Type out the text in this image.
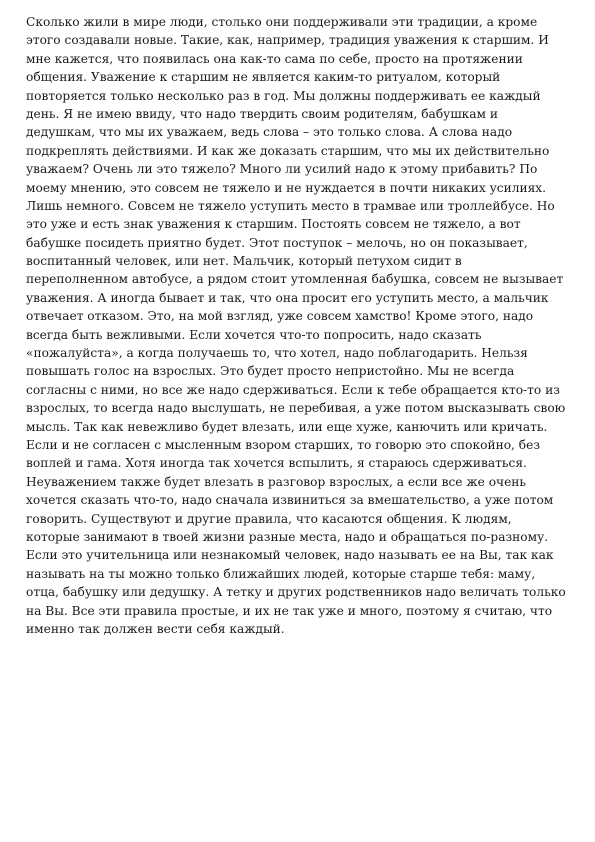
Сколько жили в мире люди, столько они поддерживали эти традиции, а кроме
этого создавали новые. Такие, как, например, традиция уважения к старшим. И
мне кажется, что появилась она как-то сама по себе, просто на протяжении
общения. Уважение к старшим не является каким-то ритуалом, который
повторяется только несколько раз в год. Мы должны поддерживать ее каждый
день. Я не имею ввиду, что надо твердить своим родителям, бабушкам и
дедушкам, что мы их уважаем, ведь слова – это только слова. А слова надо
подкреплять действиями. И как же доказать старшим, что мы их действительно
уважаем? Очень ли это тяжело? Много ли усилий надо к этому прибавить? По
моему мнению, это совсем не тяжело и не нуждается в почти никаких усилиях.
Лишь немного. Совсем не тяжело уступить место в трамвае или троллейбусе. Но
это уже и есть знак уважения к старшим. Постоять совсем не тяжело, а вот
бабушке посидеть приятно будет. Этот поступок – мелочь, но он показывает,
воспитанный человек, или нет. Мальчик, который петухом сидит в
переполненном автобусе, а рядом стоит утомленная бабушка, совсем не вызывает
уважения. А иногда бывает и так, что она просит его уступить место, а мальчик
отвечает отказом. Это, на мой взгляд, уже совсем хамство! Кроме этого, надо
всегда быть вежливыми. Если хочется что-то попросить, надо сказать
«пожалуйста», а когда получаешь то, что хотел, надо поблагодарить. Нельзя
повышать голос на взрослых. Это будет просто непристойно. Мы не всегда
согласны с ними, но все же надо сдерживаться. Если к тебе обращается кто-то из
взрослых, то всегда надо выслушать, не перебивая, а уже потом высказывать свою
мысль. Так как невежливо будет влезать, или еще хуже, канючить или кричать.
Если и не согласен с мысленным взором старших, то говорю это спокойно, без
воплей и гама. Хотя иногда так хочется вспылить, я стараюсь сдерживаться.
Неуважением также будет влезать в разговор взрослых, а если все же очень
хочется сказать что-то, надо сначала извиниться за вмешательство, а уже потом
говорить. Существуют и другие правила, что касаются общения. К людям,
которые занимают в твоей жизни разные места, надо и обращаться по-разному.
Если это учительница или незнакомый человек, надо называть ее на Вы, так как
называть на ты можно только ближайших людей, которые старше тебя: маму,
отца, бабушку или дедушку. А тетку и других родственников надо величать только
на Вы. Все эти правила простые, и их не так уже и много, поэтому я считаю, что
именно так должен вести себя каждый.
